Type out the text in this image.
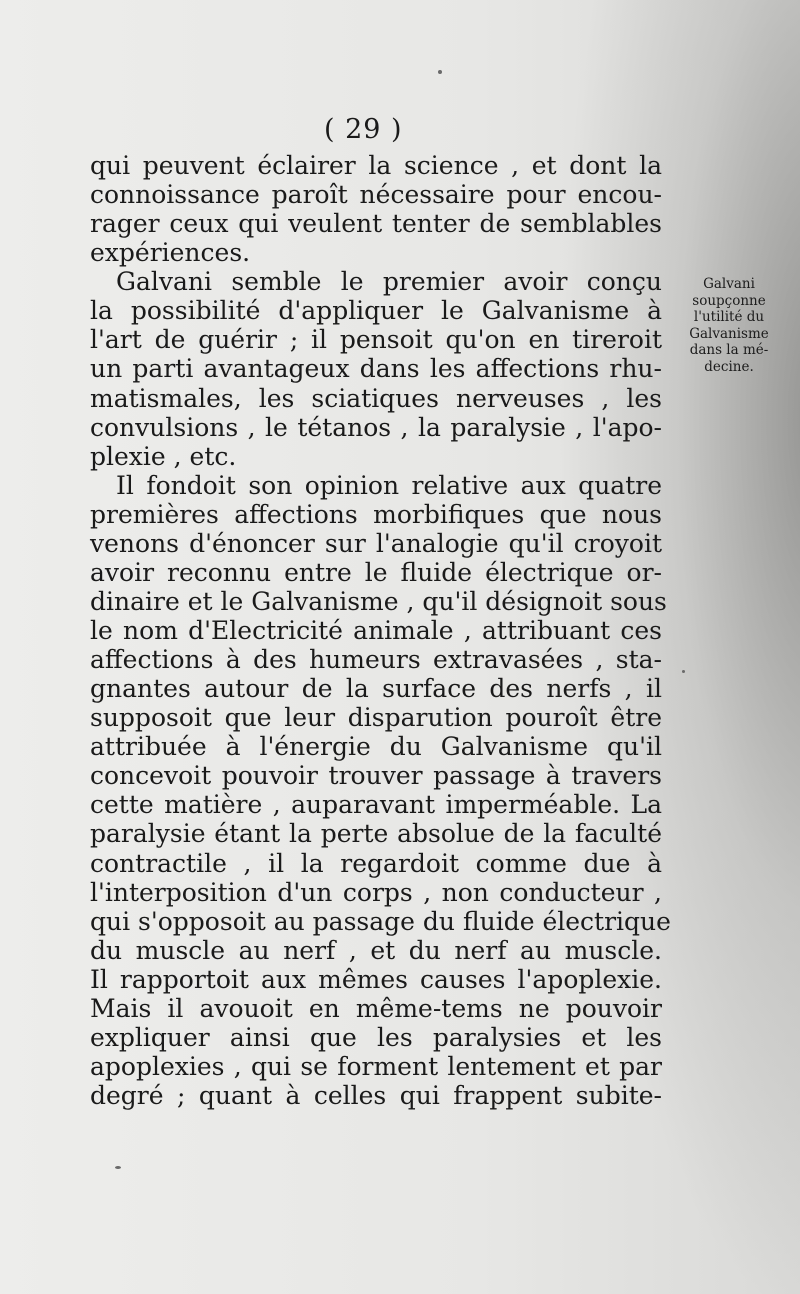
( 29 )

qui peuvent éclairer la science , et dont la
connoissance paroît nécessaire pour encou-
rager ceux qui veulent tenter de semblables
expériences.
Galvani semble le premier avoir conçu
la possibilité d'appliquer le Galvanisme à
l'art de guérir ; il pensoit qu'on en tireroit
un parti avantageux dans les affections rhu-
matismales, les sciatiques nerveuses , les
convulsions , le tétanos , la paralysie , l'apo-
plexie , etc.
Il fondoit son opinion relative aux quatre
premières affections morbifiques que nous
venons d'énoncer sur l'analogie qu'il croyoit
avoir reconnu entre le fluide électrique or-
dinaire et le Galvanisme , qu'il désignoit sous
le nom d'Electricité animale , attribuant ces
affections à des humeurs extravasées , sta-
gnantes autour de la surface des nerfs , il
supposoit que leur disparution pouroît être
attribuée à l'énergie du Galvanisme qu'il
concevoit pouvoir trouver passage à travers
cette matière , auparavant imperméable. La
paralysie étant la perte absolue de la faculté
contractile , il la regardoit comme due à
l'interposition d'un corps , non conducteur ,
qui s'opposoit au passage du fluide électrique
du muscle au nerf , et du nerf au muscle.
Il rapportoit aux mêmes causes l'apoplexie.
Mais il avouoit en même-tems ne pouvoir
expliquer ainsi que les paralysies et les
apoplexies , qui se forment lentement et par
degré ; quant à celles qui frappent subite-
Galvani
soupçonne
l'utilité du
Galvanisme
dans la mé-
decine.
